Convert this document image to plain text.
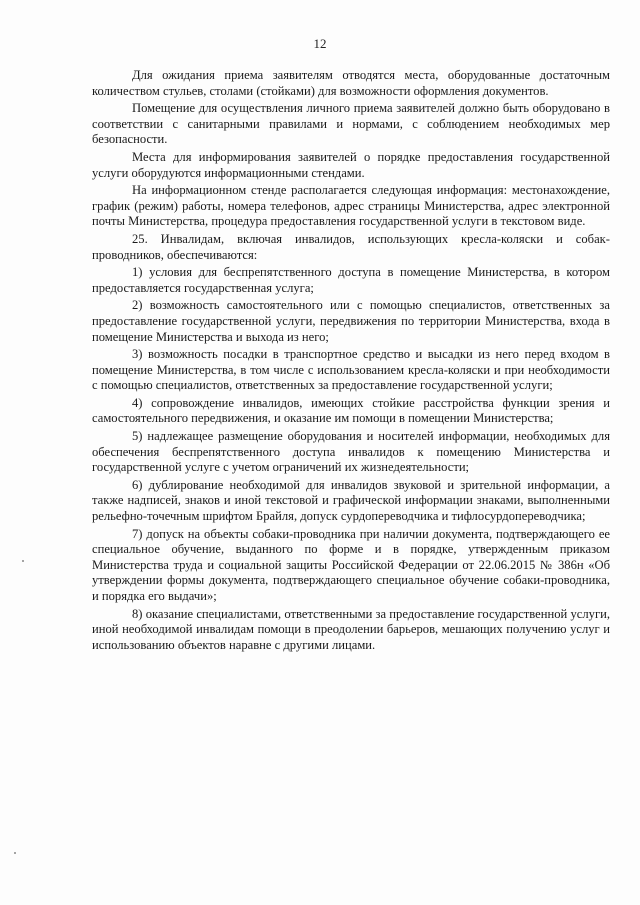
12

Для ожидания приема заявителям отводятся места, оборудованные достаточным количеством стульев, столами (стойками) для возможности оформления документов.

Помещение для осуществления личного приема заявителей должно быть оборудовано в соответствии с санитарными правилами и нормами, с соблюдением необходимых мер безопасности.

Места для информирования заявителей о порядке предоставления государственной услуги оборудуются информационными стендами.

На информационном стенде располагается следующая информация: местонахождение, график (режим) работы, номера телефонов, адрес страницы Министерства, адрес электронной почты Министерства, процедура предоставления государственной услуги в текстовом виде.

25. Инвалидам, включая инвалидов, использующих кресла-коляски и собак-проводников, обеспечиваются:

1) условия для беспрепятственного доступа в помещение Министерства, в котором предоставляется государственная услуга;

2) возможность самостоятельного или с помощью специалистов, ответственных за предоставление государственной услуги, передвижения по территории Министерства, входа в помещение Министерства и выхода из него;

3) возможность посадки в транспортное средство и высадки из него перед входом в помещение Министерства, в том числе с использованием кресла-коляски и при необходимости с помощью специалистов, ответственных за предоставление государственной услуги;

4) сопровождение инвалидов, имеющих стойкие расстройства функции зрения и самостоятельного передвижения, и оказание им помощи в помещении Министерства;

5) надлежащее размещение оборудования и носителей информации, необходимых для обеспечения беспрепятственного доступа инвалидов к помещению Министерства и государственной услуге с учетом ограничений их жизнедеятельности;

6) дублирование необходимой для инвалидов звуковой и зрительной информации, а также надписей, знаков и иной текстовой и графической информации знаками, выполненными рельефно-точечным шрифтом Брайля, допуск сурдопереводчика и тифлосурдопереводчика;

7) допуск на объекты собаки-проводника при наличии документа, подтверждающего ее специальное обучение, выданного по форме и в порядке, утвержденным приказом Министерства труда и социальной защиты Российской Федерации от 22.06.2015 № 386н «Об утверждении формы документа, подтверждающего специальное обучение собаки-проводника, и порядка его выдачи»;

8) оказание специалистами, ответственными за предоставление государственной услуги, иной необходимой инвалидам помощи в преодолении барьеров, мешающих получению услуг и использованию объектов наравне с другими лицами.
